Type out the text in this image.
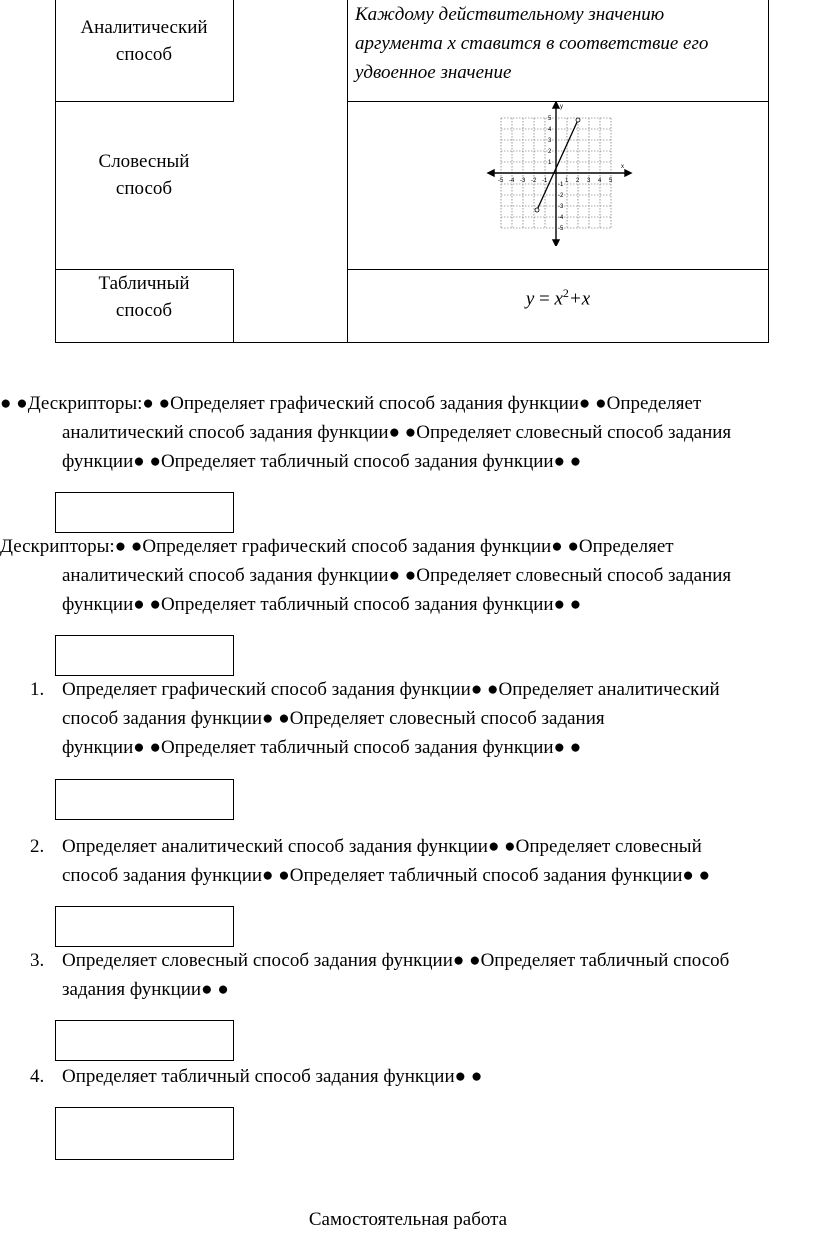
Аналитический
способ
Каждому действительному значению
аргумента x ставится в соответствие его
удвоенное значение
Словесный
способ
x
y
-5 -4 -3 -2 -1	1 2 3 4 5
5
4
3
2
1
-1
-2
-3
-4
-5
Табличный
способ
$y = x^2+x$

● ●Дескрипторы:● ●Определяет графический способ задания функции● ●Определяет

аналитический способ задания функции● ●Определяет словесный способ задания

функции● ●Определяет табличный способ задания функции● ●

Дескрипторы:● ●Определяет графический способ задания функции● ●Определяет

аналитический способ задания функции● ●Определяет словесный способ задания

функции● ●Определяет табличный способ задания функции● ●

1. Определяет графический способ задания функции● ●Определяет аналитический

способ задания функции● ●Определяет словесный способ задания

функции● ●Определяет табличный способ задания функции● ●

2. Определяет аналитический способ задания функции● ●Определяет словесный

способ задания функции● ●Определяет табличный способ задания функции● ●

3. Определяет словесный способ задания функции● ●Определяет табличный способ

задания функции● ●

4. Определяет табличный способ задания функции● ●

Самостоятельная работа
